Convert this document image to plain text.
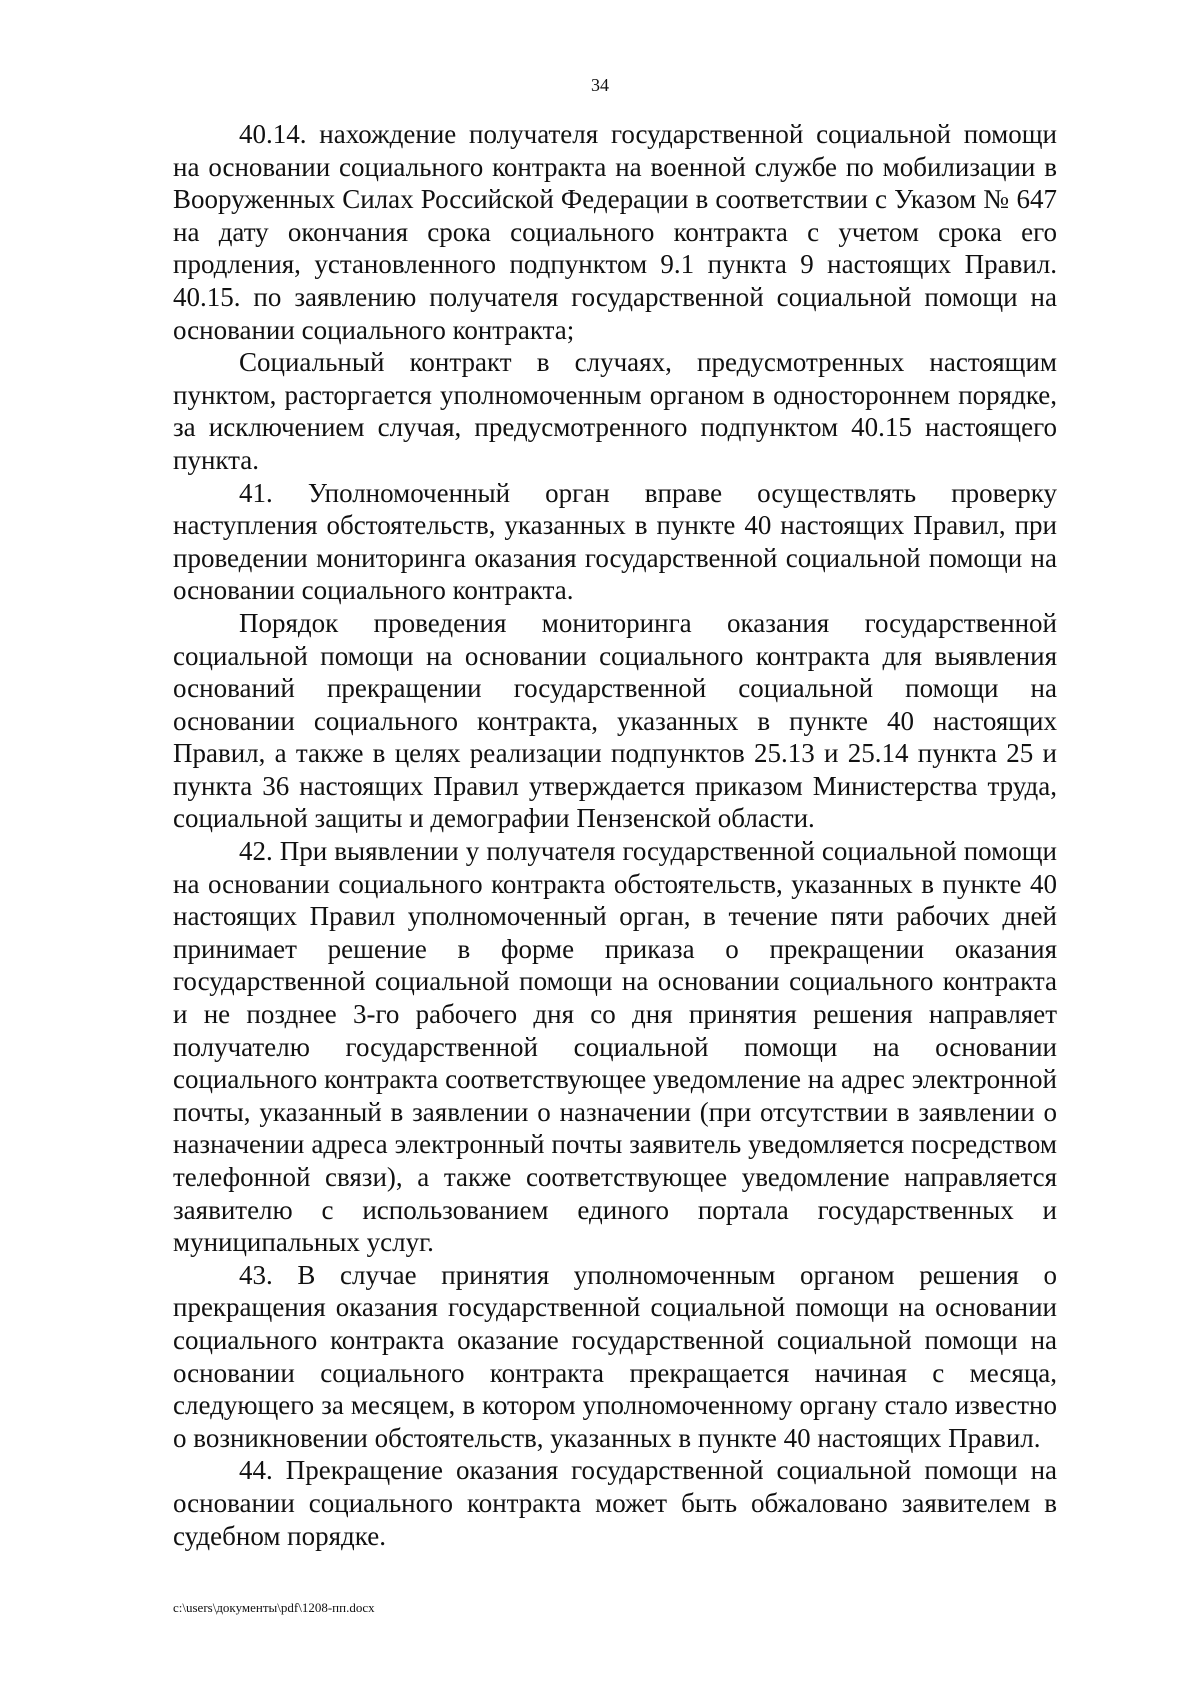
34

40.14. нахождение получателя государственной социальной помощи на основании социального контракта на военной службе по мобилизации в Вооруженных Силах Российской Федерации в соответствии с Указом № 647 на дату окончания срока социального контракта с учетом срока его продления, установленного подпунктом 9.1 пункта 9 настоящих Правил. 40.15. по заявлению получателя государственной социальной помощи на основании социального контракта;

Социальный контракт в случаях, предусмотренных настоящим пунктом, расторгается уполномоченным органом в одностороннем порядке, за исключением случая, предусмотренного подпунктом 40.15 настоящего пункта.

41. Уполномоченный орган вправе осуществлять проверку наступления обстоятельств, указанных в пункте 40 настоящих Правил, при проведении мониторинга оказания государственной социальной помощи на основании социального контракта.

Порядок проведения мониторинга оказания государственной социальной помощи на основании социального контракта для выявления оснований прекращении государственной социальной помощи на основании социального контракта, указанных в пункте 40 настоящих Правил, а также в целях реализации подпунктов 25.13 и 25.14 пункта 25 и пункта 36 настоящих Правил утверждается приказом Министерства труда, социальной защиты и демографии Пензенской области.

42. При выявлении у получателя государственной социальной помощи на основании социального контракта обстоятельств, указанных в пункте 40 настоящих Правил уполномоченный орган, в течение пяти рабочих дней принимает решение в форме приказа о прекращении оказания государственной социальной помощи на основании социального контракта и не позднее 3-го рабочего дня со дня принятия решения направляет получателю государственной социальной помощи на основании социального контракта соответствующее уведомление на адрес электронной почты, указанный в заявлении о назначении (при отсутствии в заявлении о назначении адреса электронный почты заявитель уведомляется посредством телефонной связи), а также соответствующее уведомление направляется заявителю с использованием единого портала государственных и муниципальных услуг.

43. В случае принятия уполномоченным органом решения о прекращения оказания государственной социальной помощи на основании социального контракта оказание государственной социальной помощи на основании социального контракта прекращается начиная с месяца, следующего за месяцем, в котором уполномоченному органу стало известно о возникновении обстоятельств, указанных в пункте 40 настоящих Правил.

44. Прекращение оказания государственной социальной помощи на основании социального контракта может быть обжаловано заявителем в судебном порядке.

c:\users\документы\pdf\1208-пп.docx
